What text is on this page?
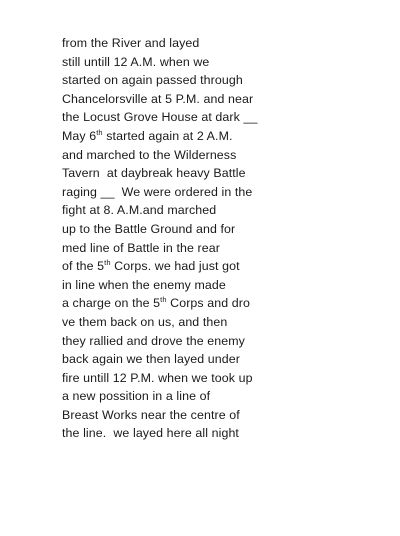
from the River and layed
still untill 12 A.M. when we
started on again passed through
Chancelorsville at 5 P.M. and near
the Locust Grove House at dark __
May 6th started again at 2 A.M.
and marched to the Wilderness
Tavern  at daybreak heavy Battle
raging __  We were ordered in the
fight at 8. A.M.and marched
up to the Battle Ground and for
med line of Battle in the rear
of the 5th Corps. we had just got
in line when the enemy made
a charge on the 5th Corps and dro
ve them back on us, and then
they rallied and drove the enemy
back again we then layed under
fire untill 12 P.M. when we took up
a new possition in a line of
Breast Works near the centre of
the line.  we layed here all night
